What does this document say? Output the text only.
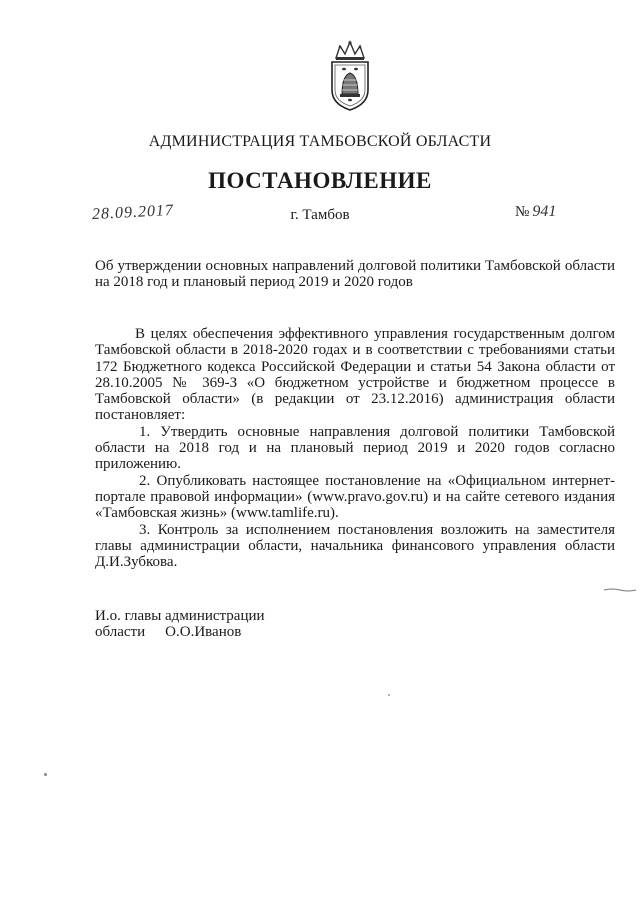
АДМИНИСТРАЦИЯ ТАМБОВСКОЙ ОБЛАСТИ
ПОСТАНОВЛЕНИЕ
28.09.2017	г. Тамбов	№ 941
Об утверждении основных направлений долговой политики Тамбовской области на 2018 год и плановый период 2019 и 2020 годов

В целях обеспечения эффективного управления государственным долгом Тамбовской области в 2018-2020 годах и в соответствии с требованиями статьи 172 Бюджетного кодекса Российской Федерации и статьи 54 Закона области от 28.10.2005 № 369-З «О бюджетном устройстве и бюджетном процессе в Тамбовской области» (в редакции от 23.12.2016) администрация области постановляет:

1. Утвердить основные направления долговой политики Тамбовской области на 2018 год и на плановый период 2019 и 2020 годов согласно приложению.

2. Опубликовать настоящее постановление на «Официальном интернет-портале правовой информации» (www.pravo.gov.ru) и на сайте сетевого издания «Тамбовская жизнь» (www.tamlife.ru).

3. Контроль за исполнением постановления возложить на заместителя главы администрации области, начальника финансового управления области Д.И.Зубкова.

И.о. главы администрации
области О.О.Иванов
